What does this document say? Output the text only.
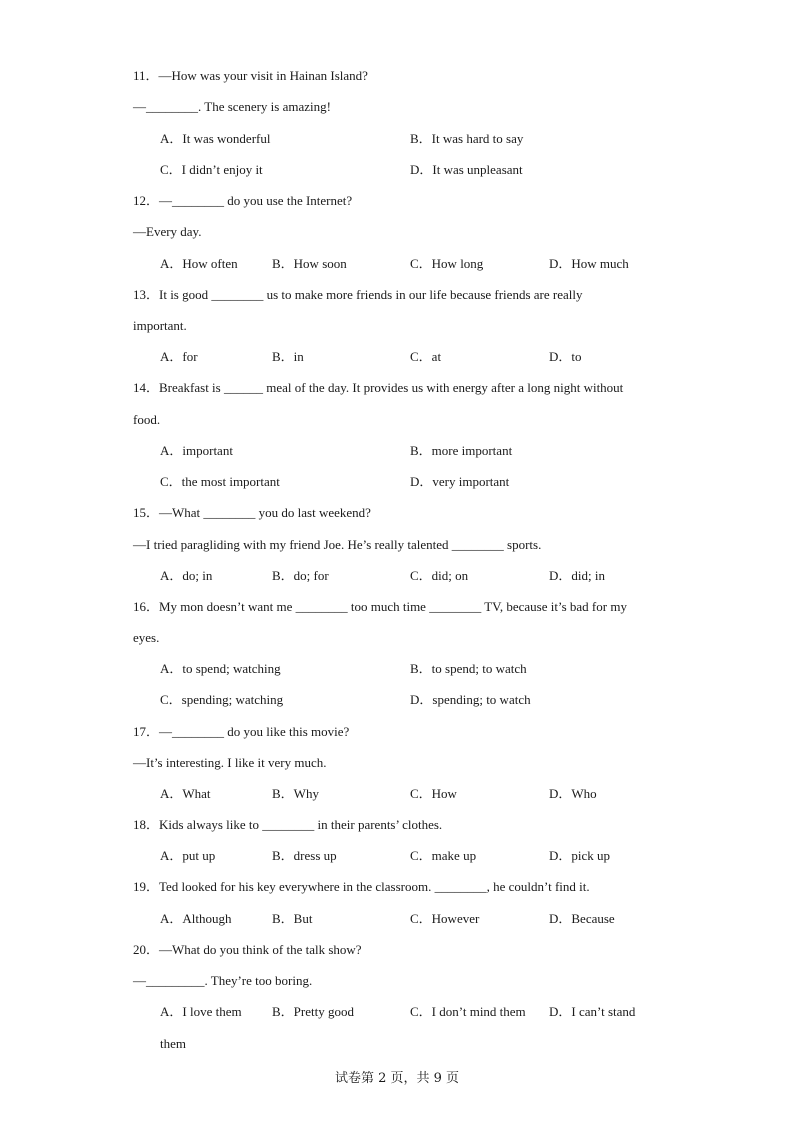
11．—How was your visit in Hainan Island?
—________. The scenery is amazing!
A．It was wonderful	B．It was hard to say
C．I didn’t enjoy it	D．It was unpleasant
12．—________ do you use the Internet?
—Every day.
A．How often	B．How soon	C．How long	D．How much
13．It is good ________ us to make more friends in our life because friends are really
important.
A．for	B．in	C．at	D．to
14．Breakfast is ______ meal of the day. It provides us with energy after a long night without
food.
A．important	B．more important
C．the most important	D．very important
15．—What ________ you do last weekend?
—I tried paragliding with my friend Joe. He’s really talented ________ sports.
A．do; in	B．do; for	C．did; on	D．did; in
16．My mon doesn’t want me ________ too much time ________ TV, because it’s bad for my
eyes.
A．to spend; watching	B．to spend; to watch
C．spending; watching	D．spending; to watch
17．—________ do you like this movie?
—It’s interesting. I like it very much.
A．What	B．Why	C．How	D．Who
18．Kids always like to ________ in their parents’ clothes.
A．put up	B．dress up	C．make up	D．pick up
19．Ted looked for his key everywhere in the classroom. ________, he couldn’t find it.
A．Although	B．But	C．However	D．Because
20．—What do you think of the talk show?
—_________. They’re too boring.
A．I love them B．Pretty good	C．I don’t mind them D．I can’t stand
them
试卷第 2 页，共 9 页
